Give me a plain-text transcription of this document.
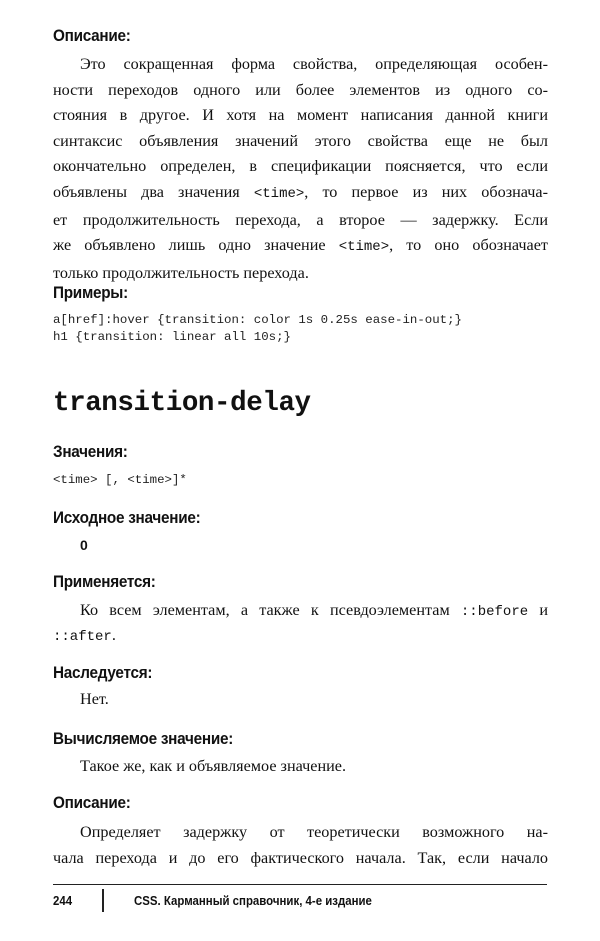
Описание:
Это сокращенная форма свойства, определяющая особен-
ности переходов одного или более элементов из одного со-
стояния в другое. И хотя на момент написания данной книги
синтаксис объявления значений этого свойства еще не был
окончательно определен, в спецификации поясняется, что если
объявлены два значения <time>, то первое из них обознача-
ет продолжительность перехода, а второе — задержку. Если
же объявлено лишь одно значение <time>, то оно обозначает
только продолжительность перехода.
Примеры:
a[href]:hover {transition: color 1s 0.25s ease-in-out;}
h1 {transition: linear all 10s;}
transition-delay
Значения:
<time> [, <time>]*
Исходное значение:
0
Применяется:
Ко всем элементам, а также к псевдоэлементам ::before и
::after.
Наследуется:
Нет.
Вычисляемое значение:
Такое же, как и объявляемое значение.
Описание:
Определяет задержку от теоретически возможного на-
чала перехода и до его фактического начала. Так, если начало
244	CSS. Карманный справочник, 4-е издание
